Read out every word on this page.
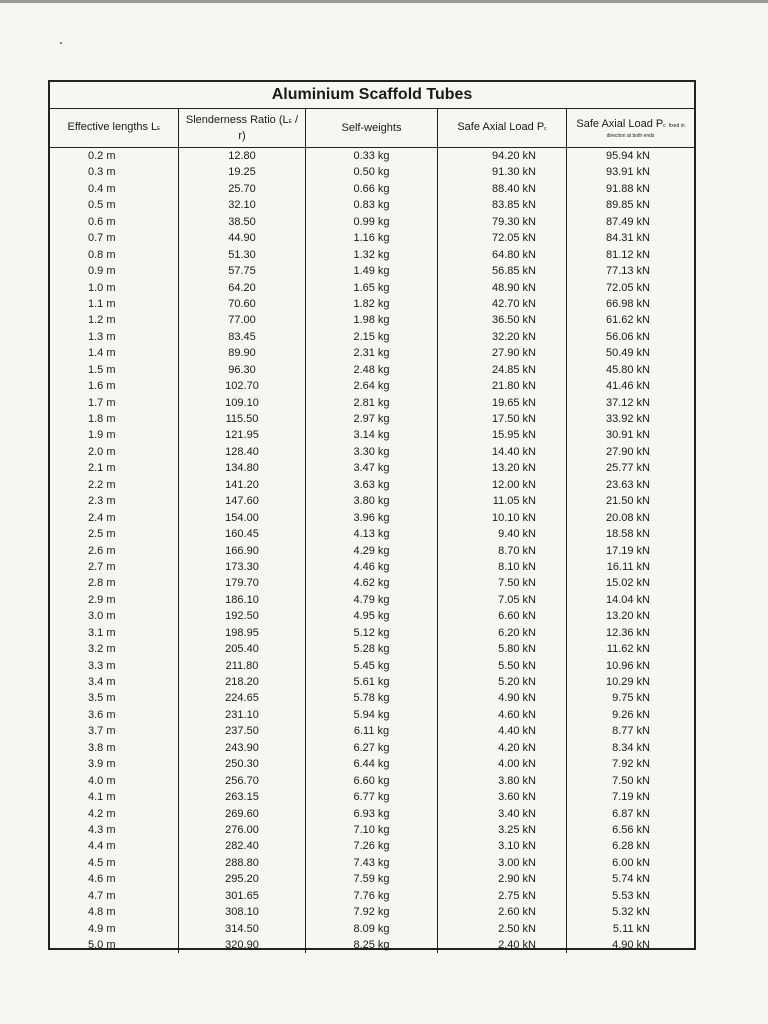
Aluminium Scaffold Tubes
Effective lengths LE
Slenderness Ratio (LE / r)
Self-weights	Safe Axial Load Pc	Safe Axial Load Pc fixed in
direction at both ends
0.2 m
0.3 m
0.4 m
0.5 m
0.6 m
0.7 m
0.8 m
0.9 m
1.0 m
1.1 m
1.2 m
1.3 m
1.4 m
1.5 m
1.6 m
1.7 m
1.8 m
1.9 m
2.0 m
2.1 m
2.2 m
2.3 m
2.4 m
2.5 m
2.6 m
2.7 m
2.8 m
2.9 m
3.0 m
3.1 m
3.2 m
3.3 m
3.4 m
3.5 m
3.6 m
3.7 m
3.8 m
3.9 m
4.0 m
4.1 m
4.2 m
4.3 m
4.4 m
4.5 m
4.6 m
4.7 m
4.8 m
4.9 m
5.0 m
12.80
19.25
25.70
32.10
38.50
44.90
51.30
57.75
64.20
70.60
77.00
83.45
89.90
96.30
102.70
109.10
115.50
121.95
128.40
134.80
141.20
147.60
154.00
160.45
166.90
173.30
179.70
186.10
192.50
198.95
205.40
211.80
218.20
224.65
231.10
237.50
243.90
250.30
256.70
263.15
269.60
276.00
282.40
288.80
295.20
301.65
308.10
314.50
320.90
0.33 kg
0.50 kg
0.66 kg
0.83 kg
0.99 kg
1.16 kg
1.32 kg
1.49 kg
1.65 kg
1.82 kg
1.98 kg
2.15 kg
2.31 kg
2.48 kg
2.64 kg
2.81 kg
2.97 kg
3.14 kg
3.30 kg
3.47 kg
3.63 kg
3.80 kg
3.96 kg
4.13 kg
4.29 kg
4.46 kg
4.62 kg
4.79 kg
4.95 kg
5.12 kg
5.28 kg
5.45 kg
5.61 kg
5.78 kg
5.94 kg
6.11 kg
6.27 kg
6.44 kg
6.60 kg
6.77 kg
6.93 kg
7.10 kg
7.26 kg
7.43 kg
7.59 kg
7.76 kg
7.92 kg
8.09 kg
8.25 kg
94.20 kN
91.30 kN
88.40 kN
83.85 kN
79.30 kN
72.05 kN
64.80 kN
56.85 kN
48.90 kN
42.70 kN
36.50 kN
32.20 kN
27.90 kN
24.85 kN
21.80 kN
19.65 kN
17.50 kN
15.95 kN
14.40 kN
13.20 kN
12.00 kN
11.05 kN
10.10 kN
9.40 kN
8.70 kN
8.10 kN
7.50 kN
7.05 kN
6.60 kN
6.20 kN
5.80 kN
5.50 kN
5.20 kN
4.90 kN
4.60 kN
4.40 kN
4.20 kN
4.00 kN
3.80 kN
3.60 kN
3.40 kN
3.25 kN
3.10 kN
3.00 kN
2.90 kN
2.75 kN
2.60 kN
2.50 kN
2.40 kN
95.94 kN
93.91 kN
91.88 kN
89.85 kN
87.49 kN
84.31 kN
81.12 kN
77.13 kN
72.05 kN
66.98 kN
61.62 kN
56.06 kN
50.49 kN
45.80 kN
41.46 kN
37.12 kN
33.92 kN
30.91 kN
27.90 kN
25.77 kN
23.63 kN
21.50 kN
20.08 kN
18.58 kN
17.19 kN
16.11 kN
15.02 kN
14.04 kN
13.20 kN
12.36 kN
11.62 kN
10.96 kN
10.29 kN
9.75 kN
9.26 kN
8.77 kN
8.34 kN
7.92 kN
7.50 kN
7.19 kN
6.87 kN
6.56 kN
6.28 kN
6.00 kN
5.74 kN
5.53 kN
5.32 kN
5.11 kN
4.90 kN
